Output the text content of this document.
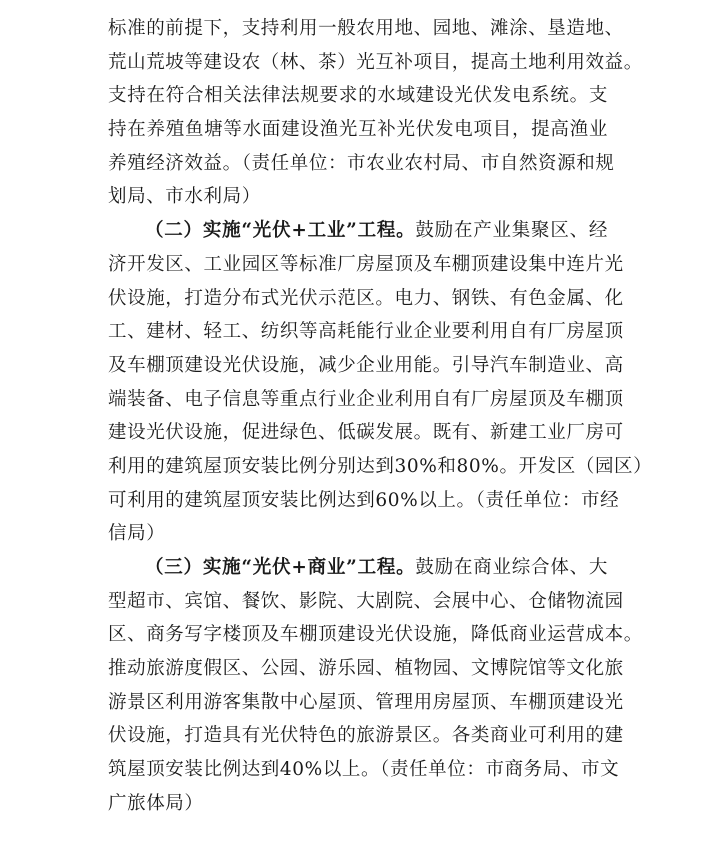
标准的前提下，支持利用一般农用地、园地、滩涂、垦造地、
荒山荒坡等建设农（林、茶）光互补项目，提高土地利用效益。
支持在符合相关法律法规要求的水域建设光伏发电系统。支
持在养殖鱼塘等水面建设渔光互补光伏发电项目，提高渔业
养殖经济效益。（责任单位：市农业农村局、市自然资源和规
划局、市水利局）
（二）实施“光伏+工业”工程。鼓励在产业集聚区、经
济开发区、工业园区等标准厂房屋顶及车棚顶建设集中连片光
伏设施，打造分布式光伏示范区。电力、钢铁、有色金属、化
工、建材、轻工、纺织等高耗能行业企业要利用自有厂房屋顶
及车棚顶建设光伏设施，减少企业用能。引导汽车制造业、高
端装备、电子信息等重点行业企业利用自有厂房屋顶及车棚顶
建设光伏设施，促进绿色、低碳发展。既有、新建工业厂房可
利用的建筑屋顶安装比例分别达到30%和80%。开发区（园区）
可利用的建筑屋顶安装比例达到60%以上。（责任单位：市经
信局）
（三）实施“光伏+商业”工程。鼓励在商业综合体、大
型超市、宾馆、餐饮、影院、大剧院、会展中心、仓储物流园
区、商务写字楼顶及车棚顶建设光伏设施，降低商业运营成本。
推动旅游度假区、公园、游乐园、植物园、文博院馆等文化旅
游景区利用游客集散中心屋顶、管理用房屋顶、车棚顶建设光
伏设施，打造具有光伏特色的旅游景区。各类商业可利用的建
筑屋顶安装比例达到40%以上。（责任单位：市商务局、市文
广旅体局）
